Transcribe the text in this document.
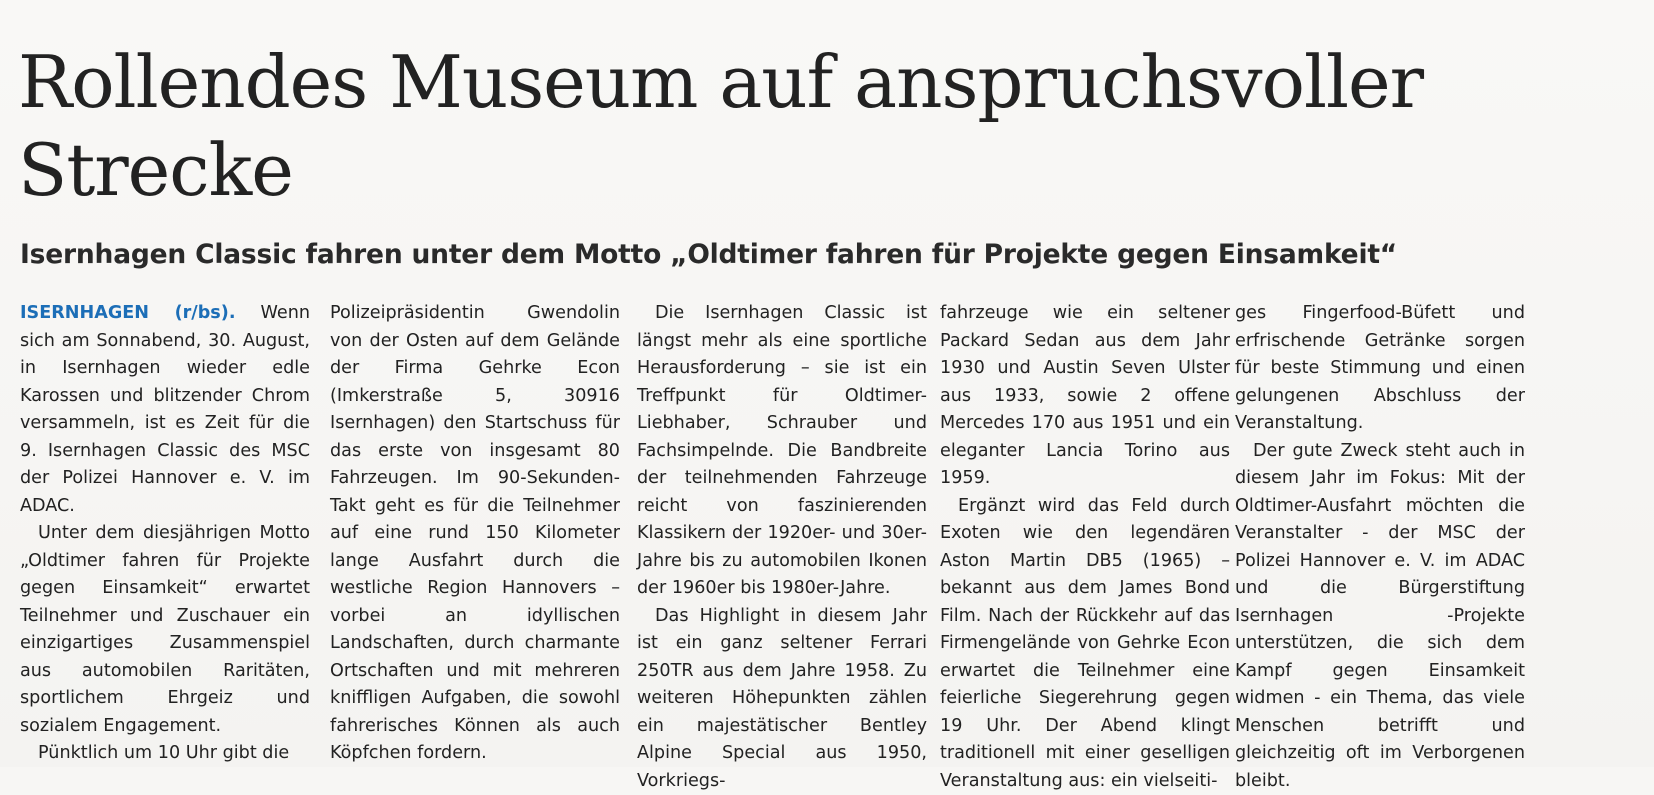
Rollendes Museum auf anspruchsvoller Strecke
Isernhagen Classic fahren unter dem Motto „Oldtimer fahren für Projekte gegen Einsamkeit“

ISERNHAGEN (r/bs). Wenn sich am Sonnabend, 30. August, in Isernhagen wieder edle Karossen und blitzender Chrom versammeln, ist es Zeit für die 9. Isernhagen Classic des MSC der Polizei Hannover e. V. im ADAC.

Unter dem diesjährigen Motto „Oldtimer fahren für Projekte gegen Einsamkeit“ erwartet Teilnehmer und Zuschauer ein einzigartiges Zusammenspiel aus automobilen Raritäten, sportlichem Ehrgeiz und sozialem Engagement.

Pünktlich um 10 Uhr gibt die

Polizeipräsidentin Gwendolin von der Osten auf dem Gelände der Firma Gehrke Econ (Imkerstraße 5, 30916 Isernhagen) den Startschuss für das erste von insgesamt 80 Fahrzeugen. Im 90-Sekunden-Takt geht es für die Teilnehmer auf eine rund 150 Kilometer lange Ausfahrt durch die westliche Region Hannovers – vorbei an idyllischen Landschaften, durch charmante Ortschaften und mit mehreren kniffligen Aufgaben, die sowohl fahrerisches Können als auch Köpfchen fordern.

Die Isernhagen Classic ist längst mehr als eine sportliche Herausforderung – sie ist ein Treffpunkt für Oldtimer-Liebhaber, Schrauber und Fachsimpelnde. Die Bandbreite der teilnehmenden Fahrzeuge reicht von faszinierenden Klassikern der 1920er- und 30er-Jahre bis zu automobilen Ikonen der 1960er bis 1980er-Jahre.

Das Highlight in diesem Jahr ist ein ganz seltener Ferrari 250TR aus dem Jahre 1958. Zu weiteren Höhepunkten zählen ein majestätischer Bentley Alpine Special aus 1950, Vorkriegs-

fahrzeuge wie ein seltener Packard Sedan aus dem Jahr 1930 und Austin Seven Ulster aus 1933, sowie 2 offene Mercedes 170 aus 1951 und ein eleganter Lancia Torino aus 1959.

Ergänzt wird das Feld durch Exoten wie den legendären Aston Martin DB5 (1965) – bekannt aus dem James Bond Film. Nach der Rückkehr auf das Firmengelände von Gehrke Econ erwartet die Teilnehmer eine feierliche Siegerehrung gegen 19 Uhr. Der Abend klingt traditionell mit einer geselligen Veranstaltung aus: ein vielseiti-

ges Fingerfood-Büfett und erfrischende Getränke sorgen für beste Stimmung und einen gelungenen Abschluss der Veranstaltung.

Der gute Zweck steht auch in diesem Jahr im Fokus: Mit der Oldtimer-Ausfahrt möchten die Veranstalter - der MSC der Polizei Hannover e. V. im ADAC und die Bürgerstiftung Isernhagen -Projekte unterstützen, die sich dem Kampf gegen Einsamkeit widmen - ein Thema, das viele Menschen betrifft und gleichzeitig oft im Verborgenen bleibt.
